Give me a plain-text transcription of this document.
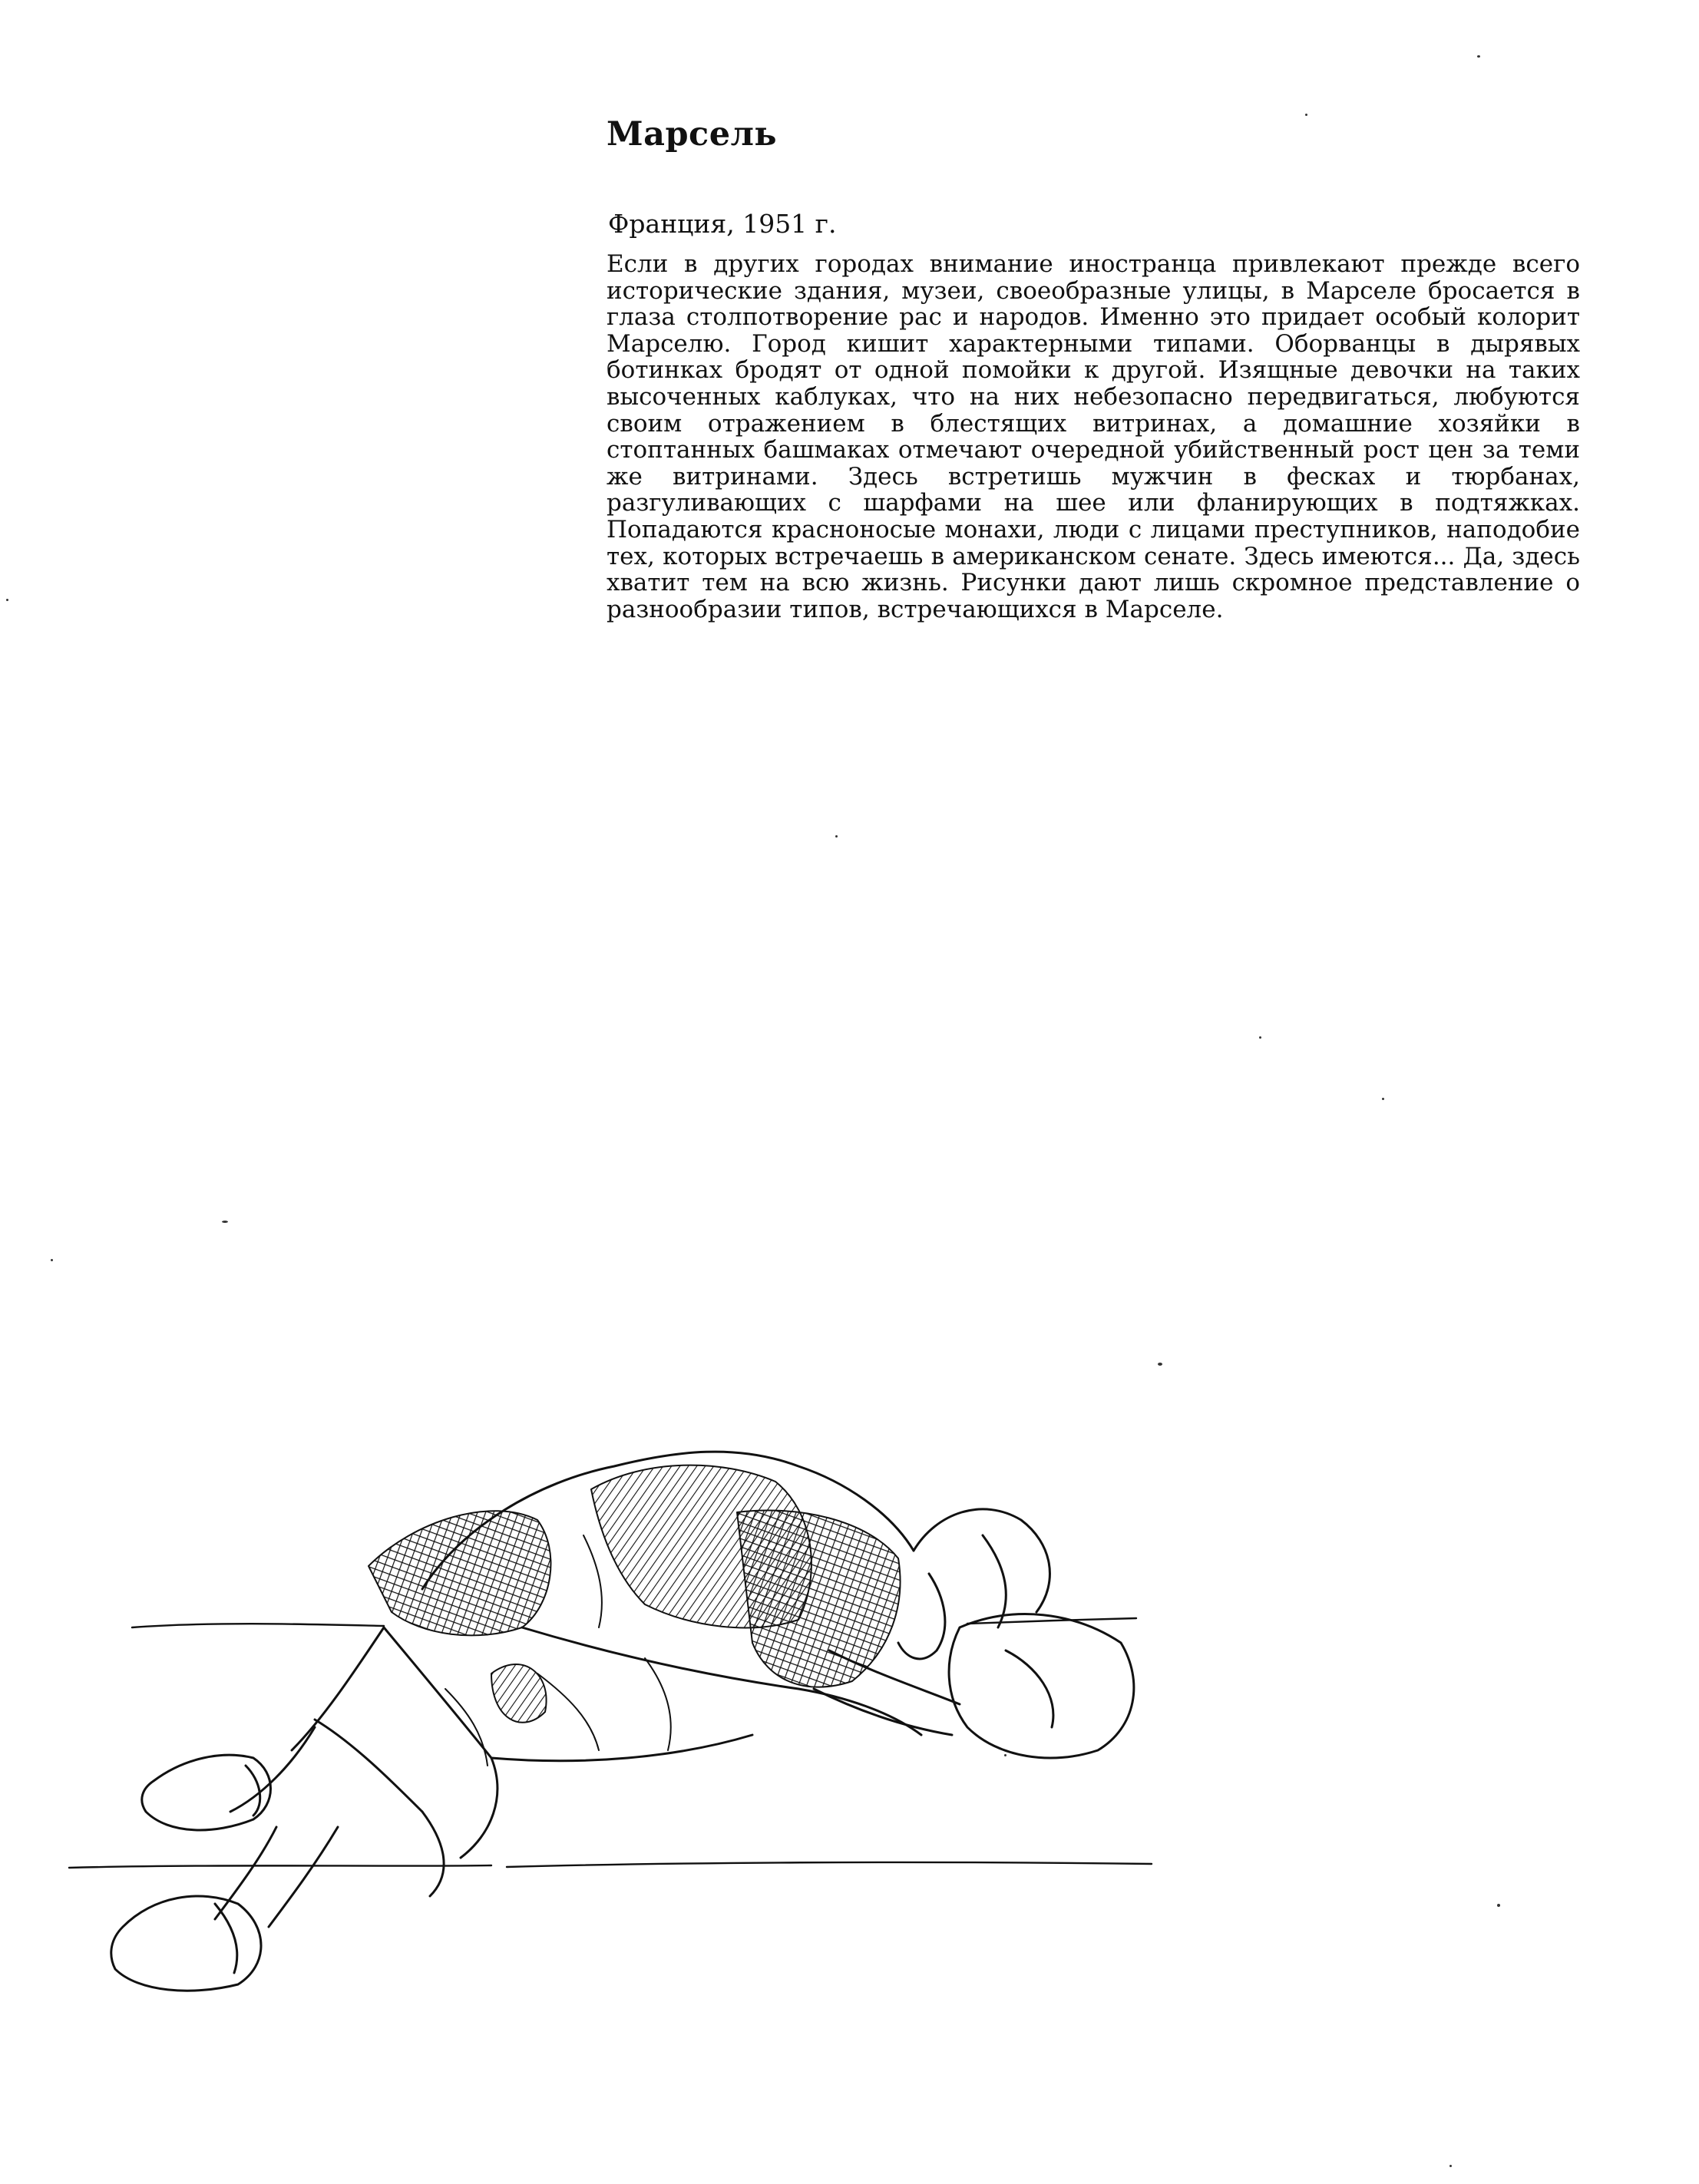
Марсель

Франция, 1951 г.

Если в других городах внимание иностранца привлекают прежде всего исторические здания, музеи, своеобразные улицы, в Марселе бросается в глаза столпотворение рас и народов. Именно это придает особый колорит Марселю. Город кишит характерными типами. Оборванцы в дырявых ботинках бродят от одной помойки к другой. Изящные девочки на таких высоченных каблуках, что на них небезопасно передвигаться, любуются своим отражением в блестящих витринах, а домашние хозяйки в стоптанных башмаках отмечают очередной убийственный рост цен за теми же витринами. Здесь встретишь мужчин в фесках и тюрбанах, разгуливающих с шарфами на шее или фланирующих в подтяжках. Попадаются красноносые монахи, люди с лицами преступников, наподобие тех, которых встречаешь в американском сенате. Здесь имеются... Да, здесь хватит тем на всю жизнь. Рисунки дают лишь скромное представление о разнообразии типов, встречающихся в Марселе.
